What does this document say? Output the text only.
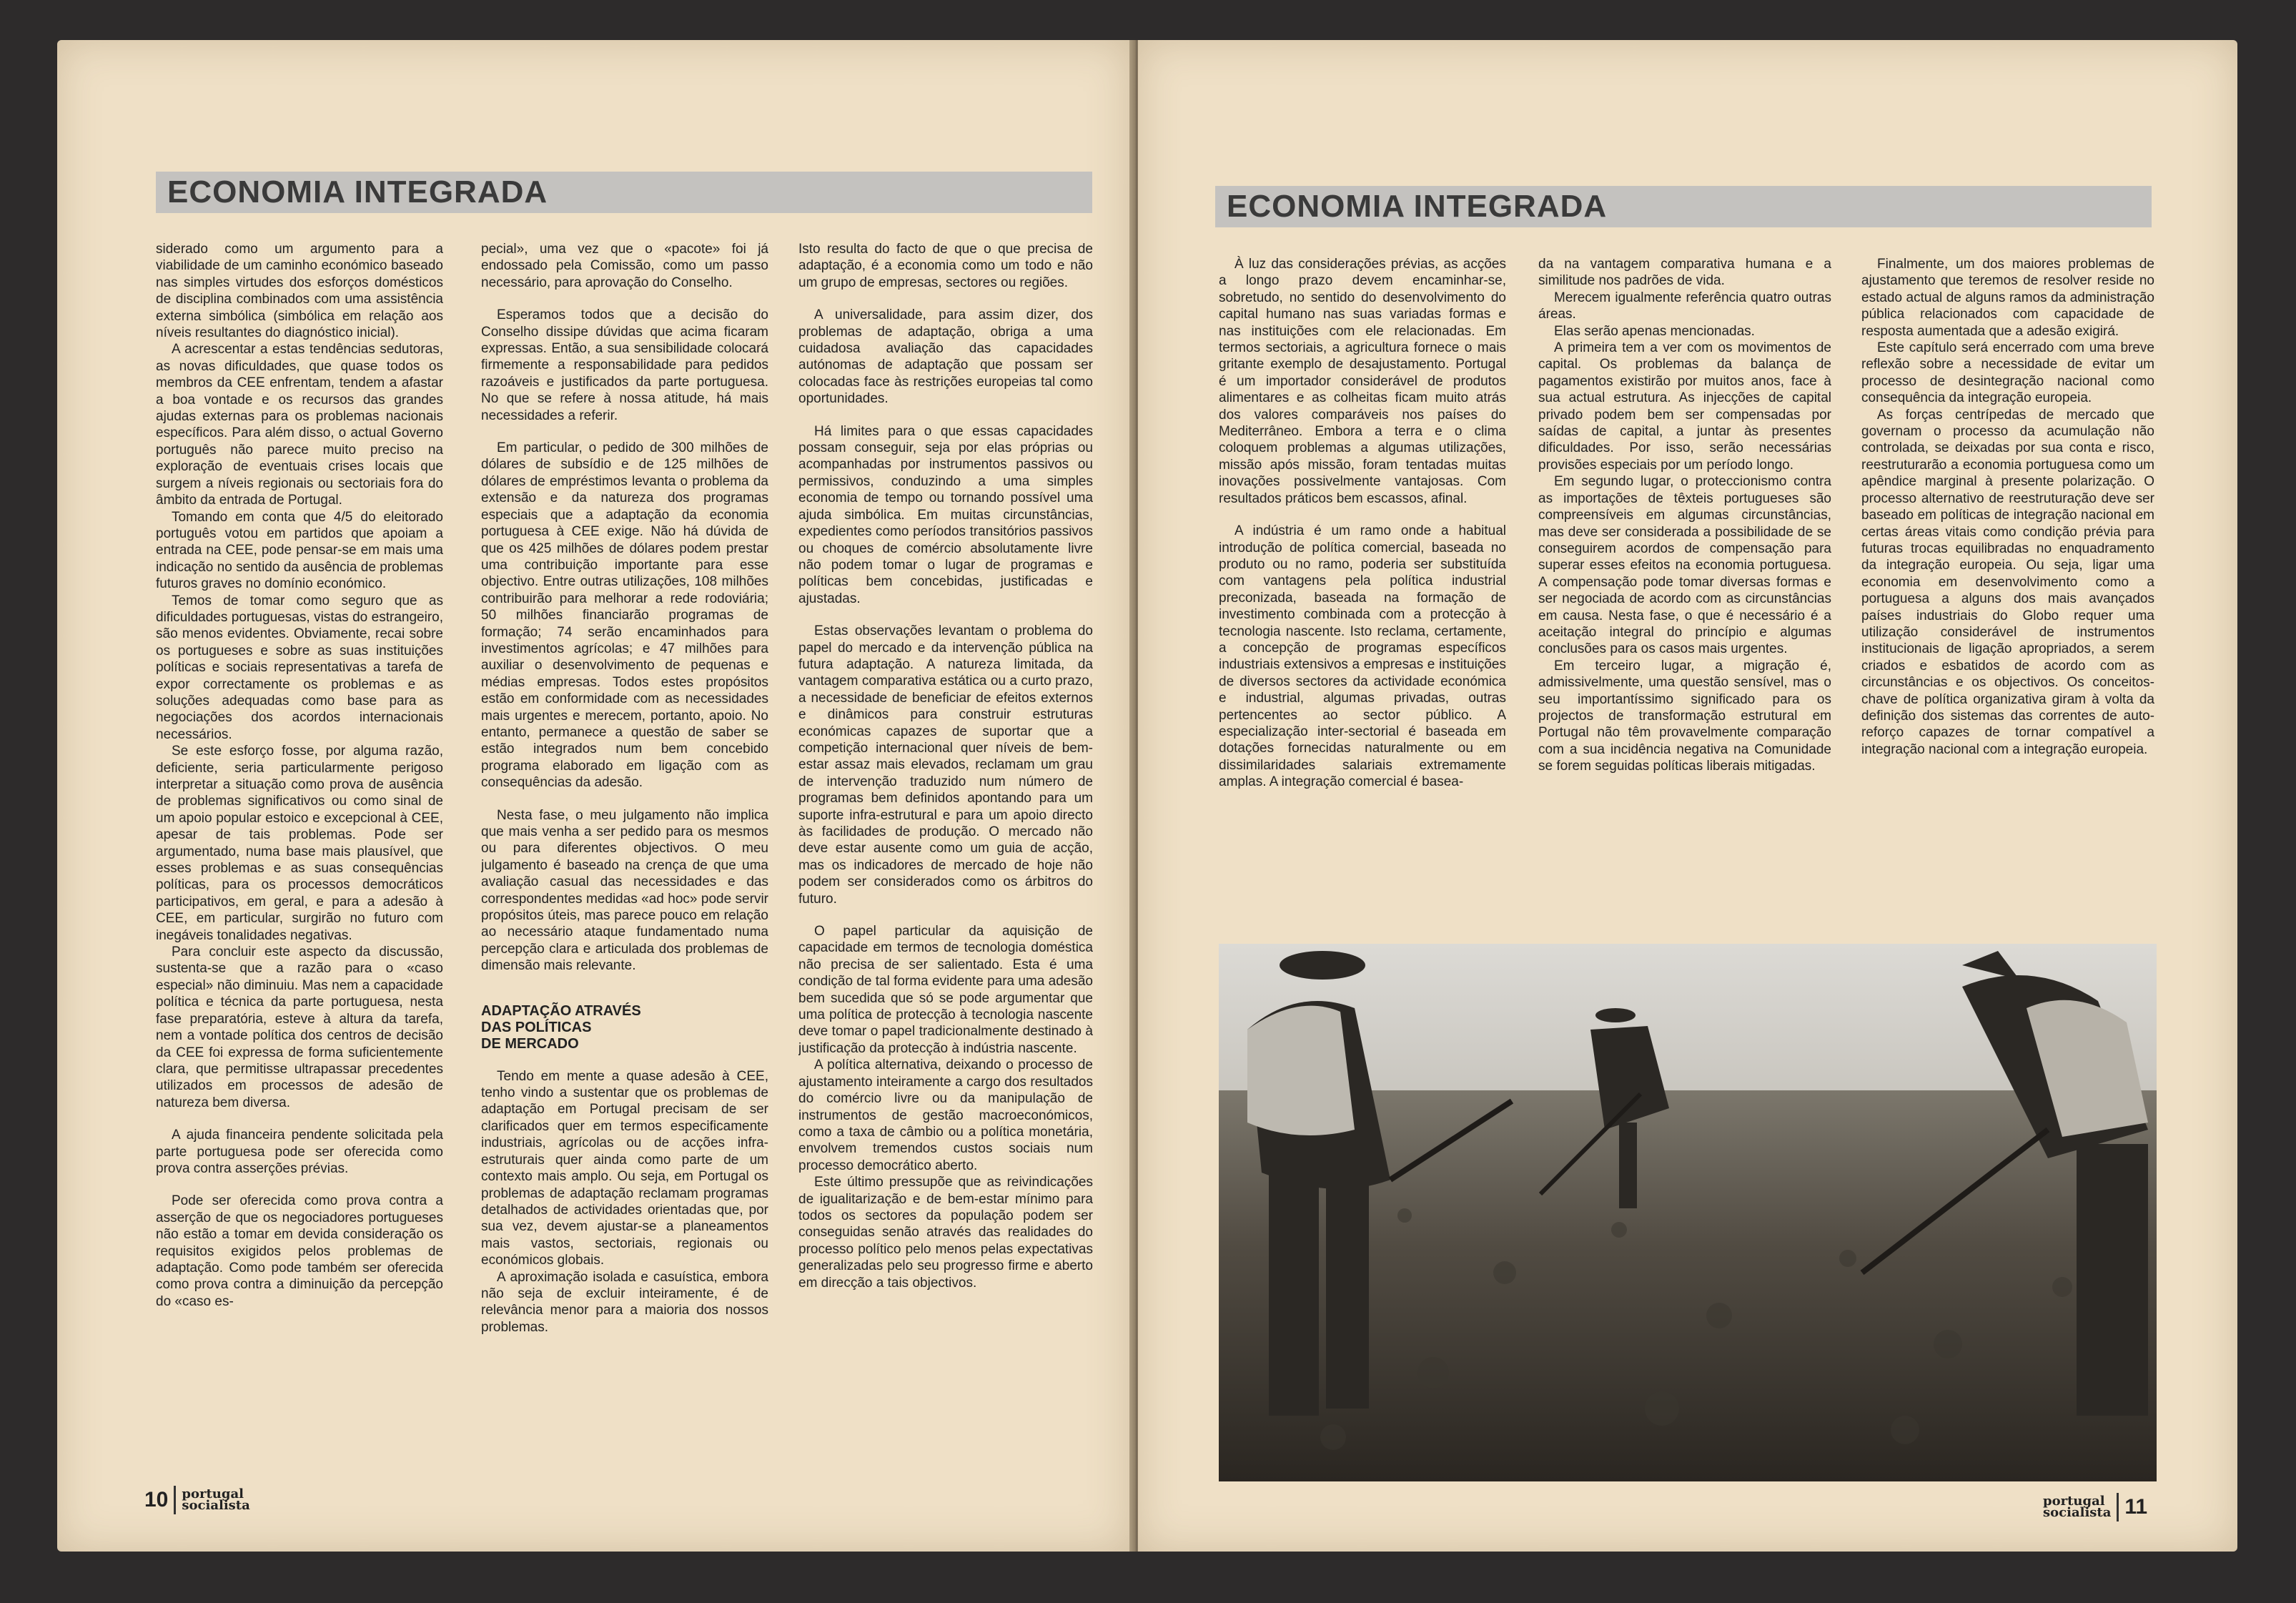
ECONOMIA INTEGRADA

siderado como um argumento para a viabilidade de um caminho económico baseado nas simples virtudes dos esforços domésticos de disciplina combinados com uma assistência externa simbólica (simbólica em relação aos níveis resultantes do diagnóstico inicial).

A acrescentar a estas tendências sedutoras, as novas dificuldades, que quase todos os membros da CEE enfrentam, tendem a afastar a boa vontade e os recursos das grandes ajudas externas para os problemas nacionais específicos. Para além disso, o actual Governo português não parece muito preciso na exploração de eventuais crises locais que surgem a níveis regionais ou sectoriais fora do âmbito da entrada de Portugal.

Tomando em conta que 4/5 do eleitorado português votou em partidos que apoiam a entrada na CEE, pode pensar-se em mais uma indicação no sentido da ausência de problemas futuros graves no domínio económico.

Temos de tomar como seguro que as dificuldades portuguesas, vistas do estrangeiro, são menos evidentes. Obviamente, recai sobre os portugueses e sobre as suas instituições políticas e sociais representativas a tarefa de expor correctamente os problemas e as soluções adequadas como base para as negociações dos acordos internacionais necessários.

Se este esforço fosse, por alguma razão, deficiente, seria particularmente perigoso interpretar a situação como prova de ausência de problemas significativos ou como sinal de um apoio popular estoico e excepcional à CEE, apesar de tais problemas. Pode ser argumentado, numa base mais plausível, que esses problemas e as suas consequências políticas, para os processos democráticos participativos, em geral, e para a adesão à CEE, em particular, surgirão no futuro com inegáveis tonalidades negativas.

Para concluir este aspecto da discussão, sustenta-se que a razão para o «caso especial» não diminuiu. Mas nem a capacidade política e técnica da parte portuguesa, nesta fase preparatória, esteve à altura da tarefa, nem a vontade política dos centros de decisão da CEE foi expressa de forma suficientemente clara, que permitisse ultrapassar precedentes utilizados em processos de adesão de natureza bem diversa.

A ajuda financeira pendente solicitada pela parte portuguesa pode ser oferecida como prova contra asserções prévias.

Pode ser oferecida como prova contra a asserção de que os negociadores portugueses não estão a tomar em devida consideração os requisitos exigidos pelos problemas de adaptação. Como pode também ser oferecida como prova contra a diminuição da percepção do «caso es-

pecial», uma vez que o «pacote» foi já endossado pela Comissão, como um passo necessário, para aprovação do Conselho.

Esperamos todos que a decisão do Conselho dissipe dúvidas que acima ficaram expressas. Então, a sua sensibilidade colocará firmemente a responsabilidade para pedidos razoáveis e justificados da parte portuguesa. No que se refere à nossa atitude, há mais necessidades a referir.

Em particular, o pedido de 300 milhões de dólares de subsídio e de 125 milhões de dólares de empréstimos levanta o problema da extensão e da natureza dos programas especiais que a adaptação da economia portuguesa à CEE exige. Não há dúvida de que os 425 milhões de dólares podem prestar uma contribuição importante para esse objectivo. Entre outras utilizações, 108 milhões contribuirão para melhorar a rede rodoviária; 50 milhões financiarão programas de formação; 74 serão encaminhados para investimentos agrícolas; e 47 milhões para auxiliar o desenvolvimento de pequenas e médias empresas. Todos estes propósitos estão em conformidade com as necessidades mais urgentes e merecem, portanto, apoio. No entanto, permanece a questão de saber se estão integrados num bem concebido programa elaborado em ligação com as consequências da adesão.

Nesta fase, o meu julgamento não implica que mais venha a ser pedido para os mesmos ou para diferentes objectivos. O meu julgamento é baseado na crença de que uma avaliação casual das necessidades e das correspondentes medidas «ad hoc» pode servir propósitos úteis, mas parece pouco em relação ao necessário ataque fundamentado numa percepção clara e articulada dos problemas de dimensão mais relevante.

ADAPTAÇÃO ATRAVÉS
DAS POLÍTICAS
DE MERCADO

Tendo em mente a quase adesão à CEE, tenho vindo a sustentar que os problemas de adaptação em Portugal precisam de ser clarificados quer em termos especificamente industriais, agrícolas ou de acções infra-estruturais quer ainda como parte de um contexto mais amplo. Ou seja, em Portugal os problemas de adaptação reclamam programas detalhados de actividades orientadas que, por sua vez, devem ajustar-se a planeamentos mais vastos, sectoriais, regionais ou económicos globais.

A aproximação isolada e casuística, embora não seja de excluir inteiramente, é de relevância menor para a maioria dos nossos problemas.

Isto resulta do facto de que o que precisa de adaptação, é a economia como um todo e não um grupo de empresas, sectores ou regiões.

A universalidade, para assim dizer, dos problemas de adaptação, obriga a uma cuidadosa avaliação das capacidades autónomas de adaptação que possam ser colocadas face às restrições europeias tal como oportunidades.

Há limites para o que essas capacidades possam conseguir, seja por elas próprias ou acompanhadas por instrumentos passivos ou permissivos, conduzindo a uma simples economia de tempo ou tornando possível uma ajuda simbólica. Em muitas circunstâncias, expedientes como períodos transitórios passivos ou choques de comércio absolutamente livre não podem tomar o lugar de programas e políticas bem concebidas, justificadas e ajustadas.

Estas observações levantam o problema do papel do mercado e da intervenção pública na futura adaptação. A natureza limitada, da vantagem comparativa estática ou a curto prazo, a necessidade de beneficiar de efeitos externos e dinâmicos para construir estruturas económicas capazes de suportar que a competição internacional quer níveis de bem-estar assaz mais elevados, reclamam um grau de intervenção traduzido num número de programas bem definidos apontando para um suporte infra-estrutural e para um apoio directo às facilidades de produção. O mercado não deve estar ausente como um guia de acção, mas os indicadores de mercado de hoje não podem ser considerados como os árbitros do futuro.

O papel particular da aquisição de capacidade em termos de tecnologia doméstica não precisa de ser salientado. Esta é uma condição de tal forma evidente para uma adesão bem sucedida que só se pode argumentar que uma política de protecção à tecnologia nascente deve tomar o papel tradicionalmente destinado à justificação da protecção à indústria nascente.

A política alternativa, deixando o processo de ajustamento inteiramente a cargo dos resultados do comércio livre ou da manipulação de instrumentos de gestão macroeconómicos, como a taxa de câmbio ou a política monetária, envolvem tremendos custos sociais num processo democrático aberto.

Este último pressupõe que as reivindicações de igualitarização e de bem-estar mínimo para todos os sectores da população podem ser conseguidas senão através das realidades do processo político pelo menos pelas expectativas generalizadas pelo seu progresso firme e aberto em direcção a tais objectivos.

10 portugal
socialista
ECONOMIA INTEGRADA

À luz das considerações prévias, as acções a longo prazo devem encaminhar-se, sobretudo, no sentido do desenvolvimento do capital humano nas suas variadas formas e nas instituições com ele relacionadas. Em termos sectoriais, a agricultura fornece o mais gritante exemplo de desajustamento. Portugal é um importador considerável de produtos alimentares e as colheitas ficam muito atrás dos valores comparáveis nos países do Mediterrâneo. Embora a terra e o clima coloquem problemas a algumas utilizações, missão após missão, foram tentadas muitas inovações possivelmente vantajosas. Com resultados práticos bem escassos, afinal.

A indústria é um ramo onde a habitual introdução de política comercial, baseada no produto ou no ramo, poderia ser substituída com vantagens pela política industrial preconizada, baseada na formação de investimento combinada com a protecção à tecnologia nascente. Isto reclama, certamente, a concepção de programas específicos industriais extensivos a empresas e instituições de diversos sectores da actividade económica e industrial, algumas privadas, outras pertencentes ao sector público. A especialização inter-sectorial é baseada em dotações fornecidas naturalmente ou em dissimilaridades salariais extremamente amplas. A integração comercial é basea-

da na vantagem comparativa humana e a similitude nos padrões de vida.

Merecem igualmente referência quatro outras áreas.

Elas serão apenas mencionadas.

A primeira tem a ver com os movimentos de capital. Os problemas da balança de pagamentos existirão por muitos anos, face à sua actual estrutura. As injecções de capital privado podem bem ser compensadas por saídas de capital, a juntar às presentes dificuldades. Por isso, serão necessárias provisões especiais por um período longo.

Em segundo lugar, o proteccionismo contra as importações de têxteis portugueses são compreensíveis em algumas circunstâncias, mas deve ser considerada a possibilidade de se conseguirem acordos de compensação para superar esses efeitos na economia portuguesa. A compensação pode tomar diversas formas e ser negociada de acordo com as circunstâncias em causa. Nesta fase, o que é necessário é a aceitação integral do princípio e algumas conclusões para os casos mais urgentes.

Em terceiro lugar, a migração é, admissivelmente, uma questão sensível, mas o seu importantíssimo significado para os projectos de transformação estrutural em Portugal não têm provavelmente comparação com a sua incidência negativa na Comunidade se forem seguidas políticas liberais mitigadas.

Finalmente, um dos maiores problemas de ajustamento que teremos de resolver reside no estado actual de alguns ramos da administração pública relacionados com capacidade de resposta aumentada que a adesão exigirá.

Este capítulo será encerrado com uma breve reflexão sobre a necessidade de evitar um processo de desintegração nacional como consequência da integração europeia.

As forças centrípedas de mercado que governam o processo da acumulação não controlada, se deixadas por sua conta e risco, reestruturarão a economia portuguesa como um apêndice marginal à presente polarização. O processo alternativo de reestruturação deve ser baseado em políticas de integração nacional em certas áreas vitais como condição prévia para futuras trocas equilibradas no enquadramento da integração europeia. Ou seja, ligar uma economia em desenvolvimento como a portuguesa a alguns dos mais avançados países industriais do Globo requer uma utilização considerável de instrumentos institucionais de ligação apropriados, a serem criados e esbatidos de acordo com as circunstâncias e os objectivos. Os conceitos-chave de política organizativa giram à volta da definição dos sistemas das correntes de auto-reforço capazes de tornar compatível a integração nacional com a integração europeia.

portugal
socialista 11
